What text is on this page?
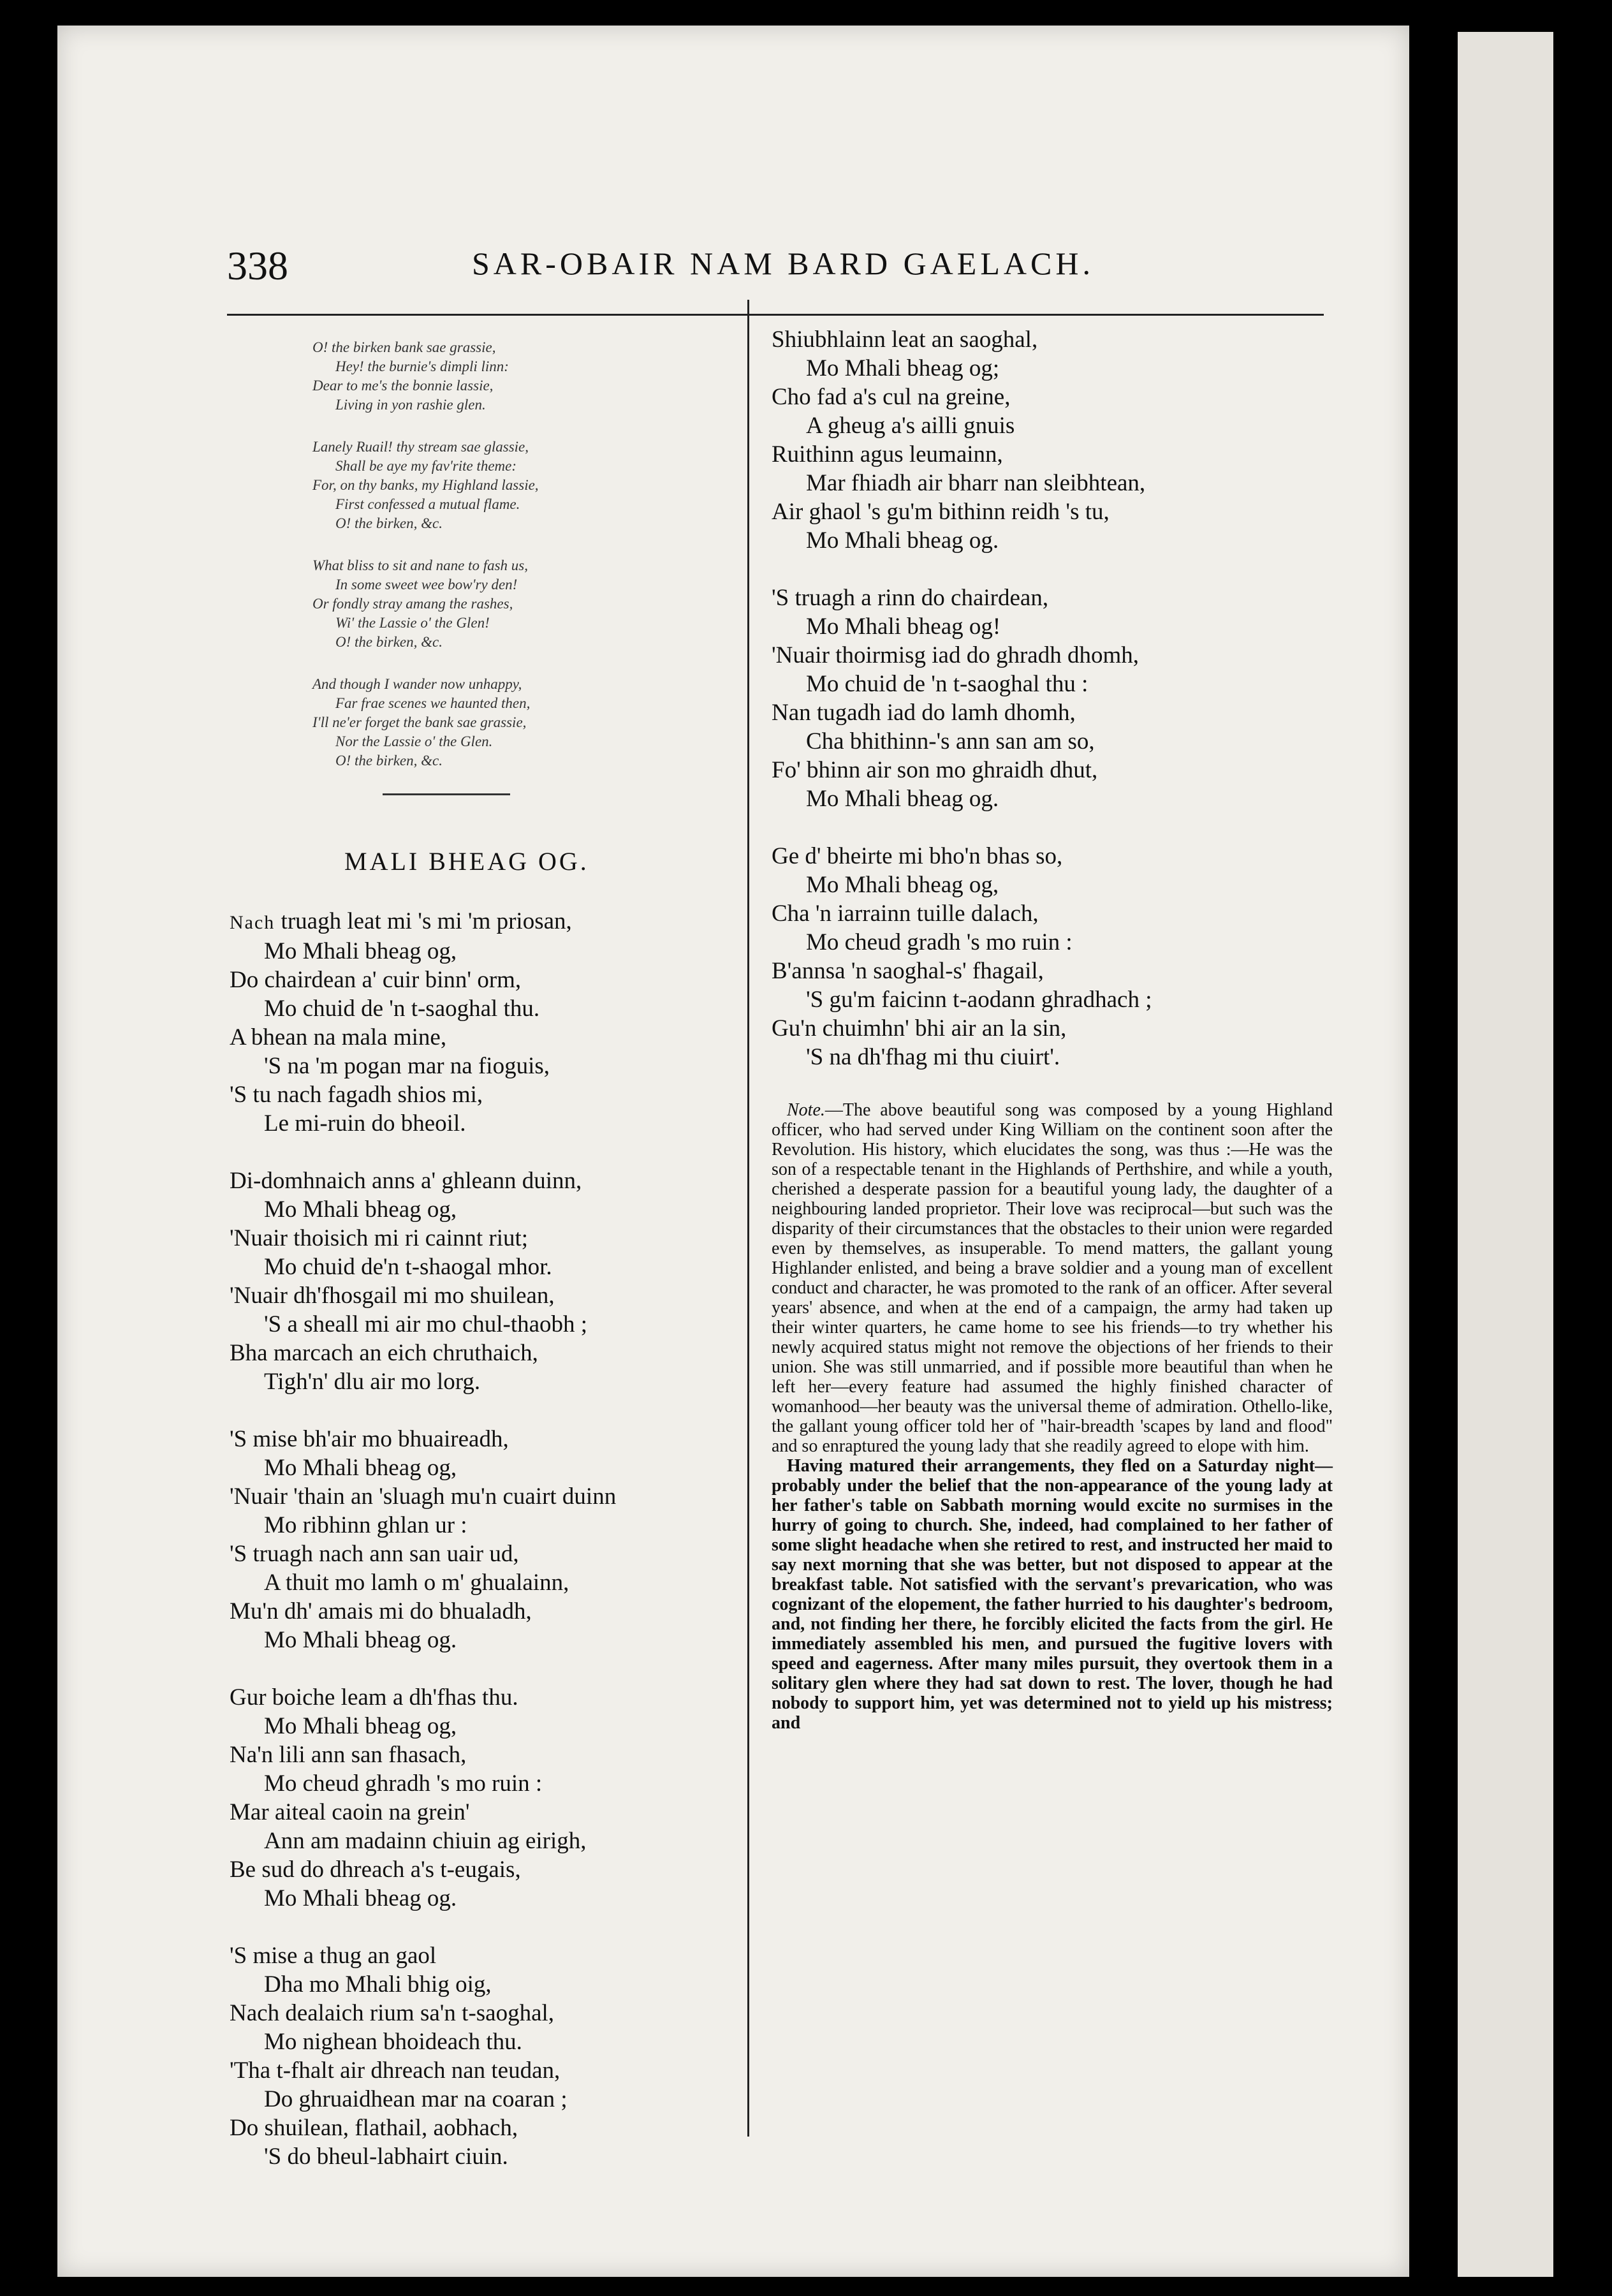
338	SAR-OBAIR NAM BARD GAELACH.
O! the birken bank sae grassie,
Hey! the burnie's dimpli linn:
Dear to me's the bonnie lassie,
Living in yon rashie glen.
Lanely Ruail! thy stream sae glassie,
Shall be aye my fav'rite theme:
For, on thy banks, my Highland lassie,
First confessed a mutual flame.
O! the birken, &c.
What bliss to sit and nane to fash us,
In some sweet wee bow'ry den!
Or fondly stray amang the rashes,
Wi' the Lassie o' the Glen!
O! the birken, &c.
And though I wander now unhappy,
Far frae scenes we haunted then,
I'll ne'er forget the bank sae grassie,
Nor the Lassie o' the Glen.
O! the birken, &c.
MALI BHEAG OG.
Nach truagh leat mi 's mi 'm priosan,
Mo Mhali bheag og,
Do chairdean a' cuir binn' orm,
Mo chuid de 'n t-saoghal thu.
A bhean na mala mine,
'S na 'm pogan mar na fioguis,
'S tu nach fagadh shios mi,
Le mi-ruin do bheoil.
Di-domhnaich anns a' ghleann duinn,
Mo Mhali bheag og,
'Nuair thoisich mi ri cainnt riut;
Mo chuid de'n t-shaogal mhor.
'Nuair dh'fhosgail mi mo shuilean,
'S a sheall mi air mo chul-thaobh ;
Bha marcach an eich chruthaich,
Tigh'n' dlu air mo lorg.
'S mise bh'air mo bhuaireadh,
Mo Mhali bheag og,
'Nuair 'thain an 'sluagh mu'n cuairt duinn
Mo ribhinn ghlan ur :
'S truagh nach ann san uair ud,
A thuit mo lamh o m' ghualainn,
Mu'n dh' amais mi do bhualadh,
Mo Mhali bheag og.
Gur boiche leam a dh'fhas thu.
Mo Mhali bheag og,
Na'n lili ann san fhasach,
Mo cheud ghradh 's mo ruin :
Mar aiteal caoin na grein'
Ann am madainn chiuin ag eirigh,
Be sud do dhreach a's t-eugais,
Mo Mhali bheag og.
'S mise a thug an gaol
Dha mo Mhali bhig oig,
Nach dealaich rium sa'n t-saoghal,
Mo nighean bhoideach thu.
'Tha t-fhalt air dhreach nan teudan,
Do ghruaidhean mar na coaran ;
Do shuilean, flathail, aobhach,
'S do bheul-labhairt ciuin.
Shiubhlainn leat an saoghal,
Mo Mhali bheag og;
Cho fad a's cul na greine,
A gheug a's ailli gnuis
Ruithinn agus leumainn,
Mar fhiadh air bharr nan sleibhtean,
Air ghaol 's gu'm bithinn reidh 's tu,
Mo Mhali bheag og.
'S truagh a rinn do chairdean,
Mo Mhali bheag og!
'Nuair thoirmisg iad do ghradh dhomh,
Mo chuid de 'n t-saoghal thu :
Nan tugadh iad do lamh dhomh,
Cha bhithinn-'s ann san am so,
Fo' bhinn air son mo ghraidh dhut,
Mo Mhali bheag og.
Ge d' bheirte mi bho'n bhas so,
Mo Mhali bheag og,
Cha 'n iarrainn tuille dalach,
Mo cheud gradh 's mo ruin :
B'annsa 'n saoghal-s' fhagail,
'S gu'm faicinn t-aodann ghradhach ;
Gu'n chuimhn' bhi air an la sin,
'S na dh'fhag mi thu ciuirt'.

Note.—The above beautiful song was composed by a young Highland officer, who had served under King William on the continent soon after the Revolution. His history, which elucidates the song, was thus :—He was the son of a respectable tenant in the Highlands of Perthshire, and while a youth, cherished a desperate passion for a beautiful young lady, the daughter of a neighbouring landed proprietor. Their love was reciprocal—but such was the disparity of their circumstances that the obstacles to their union were regarded even by themselves, as insuperable. To mend matters, the gallant young Highlander enlisted, and being a brave soldier and a young man of excellent conduct and character, he was promoted to the rank of an officer. After several years' absence, and when at the end of a campaign, the army had taken up their winter quarters, he came home to see his friends—to try whether his newly acquired status might not remove the objections of her friends to their union. She was still unmarried, and if possible more beautiful than when he left her—every feature had assumed the highly finished character of womanhood—her beauty was the universal theme of admiration. Othello-like, the gallant young officer told her of "hair-breadth 'scapes by land and flood" and so enraptured the young lady that she readily agreed to elope with him.

Having matured their arrangements, they fled on a Saturday night—probably under the belief that the non-appearance of the young lady at her father's table on Sabbath morning would excite no surmises in the hurry of going to church. She, indeed, had complained to her father of some slight headache when she retired to rest, and instructed her maid to say next morning that she was better, but not disposed to appear at the breakfast table. Not satisfied with the servant's prevarication, who was cognizant of the elopement, the father hurried to his daughter's bedroom, and, not finding her there, he forcibly elicited the facts from the girl. He immediately assembled his men, and pursued the fugitive lovers with speed and eagerness. After many miles pursuit, they overtook them in a solitary glen where they had sat down to rest. The lover, though he had nobody to support him, yet was determined not to yield up his mistress; and
